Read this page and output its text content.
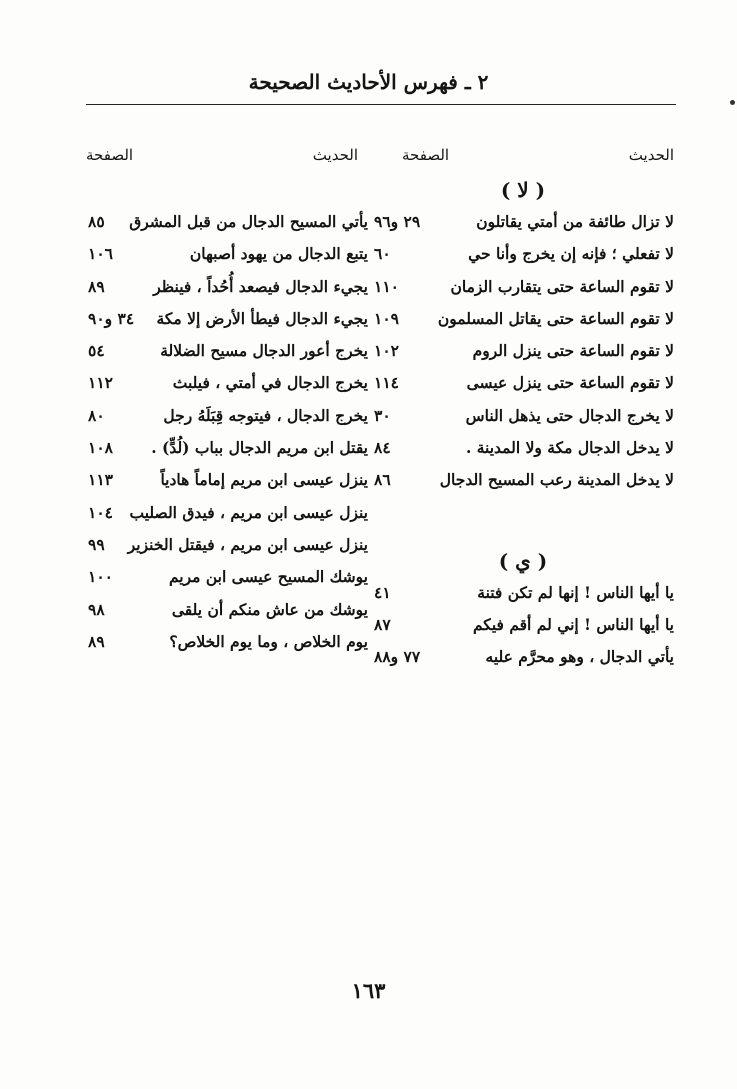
٢ ـ فهرس الأحاديث الصحيحة
الحديث
الصفحة
( لا )
لا تزال طائفة من أمتي يقاتلون
٢٩ و٩٦
لا تفعلي ؛ فإنه إن يخرج وأنا حي
٦٠
لا تقوم الساعة حتى يتقارب الزمان
١١٠
لا تقوم الساعة حتى يقاتل المسلمون
١٠٩
لا تقوم الساعة حتى ينزل الروم
١٠٢
لا تقوم الساعة حتى ينزل عيسى
١١٤
لا يخرج الدجال حتى يذهل الناس
٣٠
لا يدخل الدجال مكة ولا المدينة .
٨٤
لا يدخل المدينة رعب المسيح الدجال
٨٦
( ي )
يا أيها الناس ! إنها لم تكن فتنة
٤١
يا أيها الناس ! إني لم أقم فيكم
٨٧
يأتي الدجال ، وهو محرَّم عليه
٧٧ و٨٨
الحديث
الصفحة
يأتي المسيح الدجال من قبل المشرق
٨٥
يتبع الدجال من يهود أصبهان
١٠٦
يجيء الدجال فيصعد أُحُداً ، فينظر
٨٩
يجيء الدجال فيطأ الأرض إلا مكة
٣٤ و٩٠
يخرج أعور الدجال مسيح الضلالة
٥٤
يخرج الدجال في أمتي ، فيلبث
١١٢
يخرج الدجال ، فيتوجه قِبَلَهُ رجل
٨٠
يقتل ابن مريم الدجال بباب (لُدٍّ) .
١٠٨
ينزل عيسى ابن مريم إماماً هادياً
١١٣
ينزل عيسى ابن مريم ، فيدق الصليب
١٠٤
ينزل عيسى ابن مريم ، فيقتل الخنزير
٩٩
يوشك المسيح عيسى ابن مريم
١٠٠
يوشك من عاش منكم أن يلقى
٩٨
يوم الخلاص ، وما يوم الخلاص؟
٨٩
١٦٣
